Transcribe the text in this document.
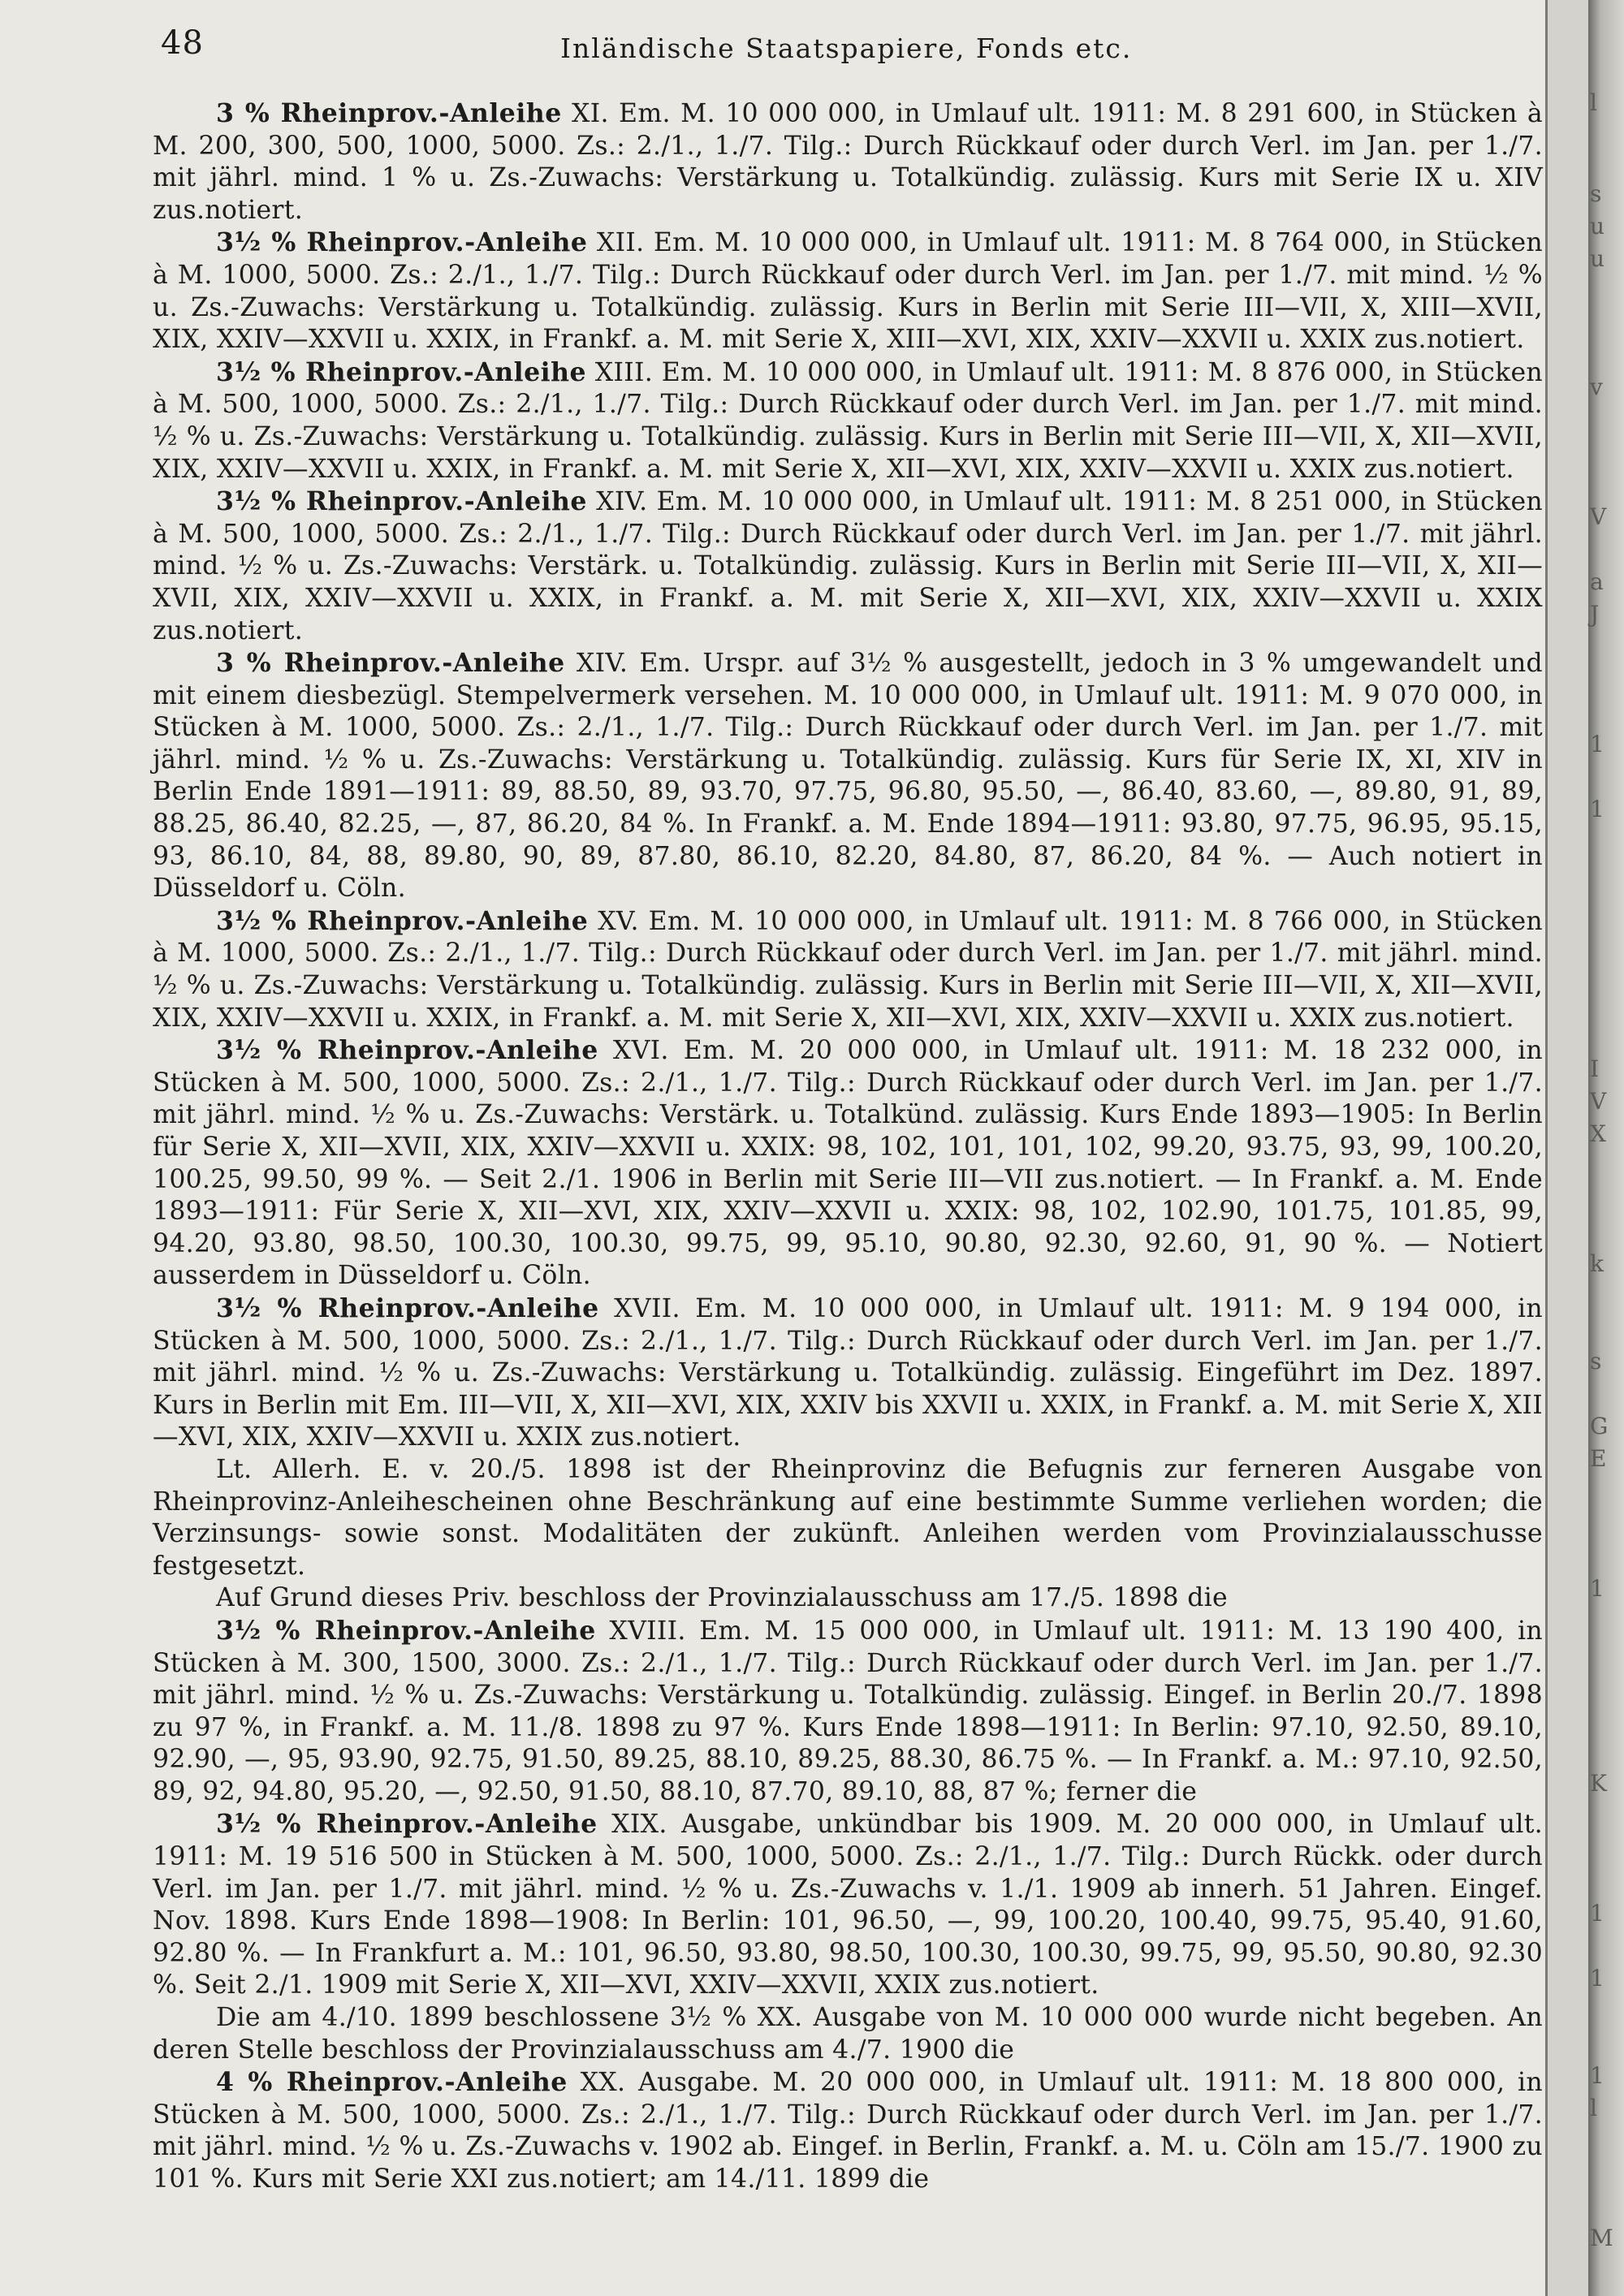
48	Inländische Staatspapiere, Fonds etc.

3 % Rheinprov.-Anleihe XI. Em. M. 10 000 000, in Umlauf ult. 1911: M. 8 291 600, in Stücken à M. 200, 300, 500, 1000, 5000. Zs.: 2./1., 1./7. Tilg.: Durch Rückkauf oder durch Verl. im Jan. per 1./7. mit jährl. mind. 1 % u. Zs.-Zuwachs: Verstärkung u. Totalkündig. zulässig. Kurs mit Serie IX u. XIV zus.notiert.

3½ % Rheinprov.-Anleihe XII. Em. M. 10 000 000, in Umlauf ult. 1911: M. 8 764 000, in Stücken à M. 1000, 5000. Zs.: 2./1., 1./7. Tilg.: Durch Rückkauf oder durch Verl. im Jan. per 1./7. mit mind. ½ % u. Zs.-Zuwachs: Verstärkung u. Totalkündig. zulässig. Kurs in Berlin mit Serie III—VII, X, XIII—XVII, XIX, XXIV—XXVII u. XXIX, in Frankf. a. M. mit Serie X, XIII—XVI, XIX, XXIV—XXVII u. XXIX zus.notiert.

3½ % Rheinprov.-Anleihe XIII. Em. M. 10 000 000, in Umlauf ult. 1911: M. 8 876 000, in Stücken à M. 500, 1000, 5000. Zs.: 2./1., 1./7. Tilg.: Durch Rückkauf oder durch Verl. im Jan. per 1./7. mit mind. ½ % u. Zs.-Zuwachs: Verstärkung u. Totalkündig. zulässig. Kurs in Berlin mit Serie III—VII, X, XII—XVII, XIX, XXIV—XXVII u. XXIX, in Frankf. a. M. mit Serie X, XII—XVI, XIX, XXIV—XXVII u. XXIX zus.notiert.

3½ % Rheinprov.-Anleihe XIV. Em. M. 10 000 000, in Umlauf ult. 1911: M. 8 251 000, in Stücken à M. 500, 1000, 5000. Zs.: 2./1., 1./7. Tilg.: Durch Rückkauf oder durch Verl. im Jan. per 1./7. mit jährl. mind. ½ % u. Zs.-Zuwachs: Verstärk. u. Totalkündig. zulässig. Kurs in Berlin mit Serie III—VII, X, XII—XVII, XIX, XXIV—XXVII u. XXIX, in Frankf. a. M. mit Serie X, XII—XVI, XIX, XXIV—XXVII u. XXIX zus.notiert.

3 % Rheinprov.-Anleihe XIV. Em. Urspr. auf 3½ % ausgestellt, jedoch in 3 % umgewandelt und mit einem diesbezügl. Stempelvermerk versehen. M. 10 000 000, in Umlauf ult. 1911: M. 9 070 000, in Stücken à M. 1000, 5000. Zs.: 2./1., 1./7. Tilg.: Durch Rückkauf oder durch Verl. im Jan. per 1./7. mit jährl. mind. ½ % u. Zs.-Zuwachs: Verstärkung u. Totalkündig. zulässig. Kurs für Serie IX, XI, XIV in Berlin Ende 1891—1911: 89, 88.50, 89, 93.70, 97.75, 96.80, 95.50, —, 86.40, 83.60, —, 89.80, 91, 89, 88.25, 86.40, 82.25, —, 87, 86.20, 84 %. In Frankf. a. M. Ende 1894—1911: 93.80, 97.75, 96.95, 95.15, 93, 86.10, 84, 88, 89.80, 90, 89, 87.80, 86.10, 82.20, 84.80, 87, 86.20, 84 %. — Auch notiert in Düsseldorf u. Cöln.

3½ % Rheinprov.-Anleihe XV. Em. M. 10 000 000, in Umlauf ult. 1911: M. 8 766 000, in Stücken à M. 1000, 5000. Zs.: 2./1., 1./7. Tilg.: Durch Rückkauf oder durch Verl. im Jan. per 1./7. mit jährl. mind. ½ % u. Zs.-Zuwachs: Verstärkung u. Totalkündig. zulässig. Kurs in Berlin mit Serie III—VII, X, XII—XVII, XIX, XXIV—XXVII u. XXIX, in Frankf. a. M. mit Serie X, XII—XVI, XIX, XXIV—XXVII u. XXIX zus.notiert.

3½ % Rheinprov.-Anleihe XVI. Em. M. 20 000 000, in Umlauf ult. 1911: M. 18 232 000, in Stücken à M. 500, 1000, 5000. Zs.: 2./1., 1./7. Tilg.: Durch Rückkauf oder durch Verl. im Jan. per 1./7. mit jährl. mind. ½ % u. Zs.-Zuwachs: Verstärk. u. Totalkünd. zulässig. Kurs Ende 1893—1905: In Berlin für Serie X, XII—XVII, XIX, XXIV—XXVII u. XXIX: 98, 102, 101, 101, 102, 99.20, 93.75, 93, 99, 100.20, 100.25, 99.50, 99 %. — Seit 2./1. 1906 in Berlin mit Serie III—VII zus.notiert. — In Frankf. a. M. Ende 1893—1911: Für Serie X, XII—XVI, XIX, XXIV—XXVII u. XXIX: 98, 102, 102.90, 101.75, 101.85, 99, 94.20, 93.80, 98.50, 100.30, 100.30, 99.75, 99, 95.10, 90.80, 92.30, 92.60, 91, 90 %. — Notiert ausserdem in Düsseldorf u. Cöln.

3½ % Rheinprov.-Anleihe XVII. Em. M. 10 000 000, in Umlauf ult. 1911: M. 9 194 000, in Stücken à M. 500, 1000, 5000. Zs.: 2./1., 1./7. Tilg.: Durch Rückkauf oder durch Verl. im Jan. per 1./7. mit jährl. mind. ½ % u. Zs.-Zuwachs: Verstärkung u. Totalkündig. zulässig. Eingeführt im Dez. 1897. Kurs in Berlin mit Em. III—VII, X, XII—XVI, XIX, XXIV bis XXVII u. XXIX, in Frankf. a. M. mit Serie X, XII—XVI, XIX, XXIV—XXVII u. XXIX zus.notiert.

Lt. Allerh. E. v. 20./5. 1898 ist der Rheinprovinz die Befugnis zur ferneren Ausgabe von Rheinprovinz-Anleihescheinen ohne Beschränkung auf eine bestimmte Summe verliehen worden; die Verzinsungs- sowie sonst. Modalitäten der zukünft. Anleihen werden vom Provinzialausschusse festgesetzt.

Auf Grund dieses Priv. beschloss der Provinzialausschuss am 17./5. 1898 die

3½ % Rheinprov.-Anleihe XVIII. Em. M. 15 000 000, in Umlauf ult. 1911: M. 13 190 400, in Stücken à M. 300, 1500, 3000. Zs.: 2./1., 1./7. Tilg.: Durch Rückkauf oder durch Verl. im Jan. per 1./7. mit jährl. mind. ½ % u. Zs.-Zuwachs: Verstärkung u. Totalkündig. zulässig. Eingef. in Berlin 20./7. 1898 zu 97 %, in Frankf. a. M. 11./8. 1898 zu 97 %. Kurs Ende 1898—1911: In Berlin: 97.10, 92.50, 89.10, 92.90, —, 95, 93.90, 92.75, 91.50, 89.25, 88.10, 89.25, 88.30, 86.75 %. — In Frankf. a. M.: 97.10, 92.50, 89, 92, 94.80, 95.20, —, 92.50, 91.50, 88.10, 87.70, 89.10, 88, 87 %; ferner die

3½ % Rheinprov.-Anleihe XIX. Ausgabe, unkündbar bis 1909. M. 20 000 000, in Umlauf ult. 1911: M. 19 516 500 in Stücken à M. 500, 1000, 5000. Zs.: 2./1., 1./7. Tilg.: Durch Rückk. oder durch Verl. im Jan. per 1./7. mit jährl. mind. ½ % u. Zs.-Zuwachs v. 1./1. 1909 ab innerh. 51 Jahren. Eingef. Nov. 1898. Kurs Ende 1898—1908: In Berlin: 101, 96.50, —, 99, 100.20, 100.40, 99.75, 95.40, 91.60, 92.80 %. — In Frankfurt a. M.: 101, 96.50, 93.80, 98.50, 100.30, 100.30, 99.75, 99, 95.50, 90.80, 92.30 %. Seit 2./1. 1909 mit Serie X, XII—XVI, XXIV—XXVII, XXIX zus.notiert.

Die am 4./10. 1899 beschlossene 3½ % XX. Ausgabe von M. 10 000 000 wurde nicht begeben. An deren Stelle beschloss der Provinzialausschuss am 4./7. 1900 die

4 % Rheinprov.-Anleihe XX. Ausgabe. M. 20 000 000, in Umlauf ult. 1911: M. 18 800 000, in Stücken à M. 500, 1000, 5000. Zs.: 2./1., 1./7. Tilg.: Durch Rückkauf oder durch Verl. im Jan. per 1./7. mit jährl. mind. ½ % u. Zs.-Zuwachs v. 1902 ab. Eingef. in Berlin, Frankf. a. M. u. Cöln am 15./7. 1900 zu 101 %. Kurs mit Serie XXI zus.notiert; am 14./11. 1899 die

l
s
u
u
v
V
a
J
1
1
I
V
X
k
s
G
E
1
K
1
1
1
l
M
